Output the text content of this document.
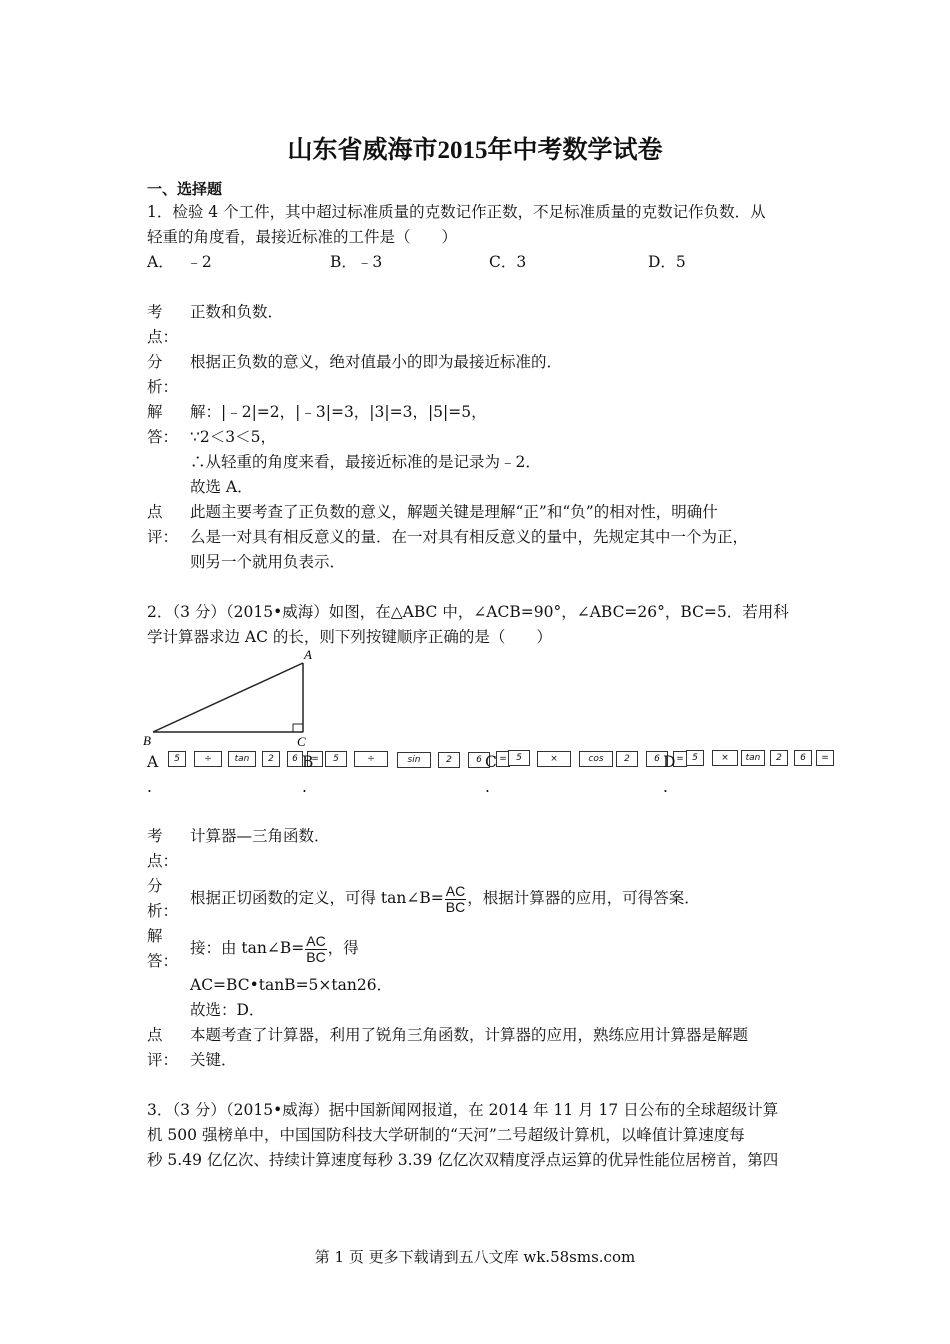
山东省威海市2015年中考数学试卷
一、选择题
1．检验 4 个工件，其中超过标准质量的克数记作正数，不足标准质量的克数记作负数．从
轻重的角度看，最接近标准的工件是（　　）
A．　 ﹣2	B．﹣3	C．3	D．5
考
点：
正数和负数．
分
析：
根据正负数的意义，绝对值最小的即为最接近标准的．
解
答：
解：|﹣2|=2，|﹣3|=3，|3|=3，|5|=5，
∵2＜3＜5，
∴从轻重的角度来看，最接近标准的是记录为﹣2．
故选 A．
点
评：
此题主要考查了正负数的意义，解题关键是理解“正”和“负”的相对性，明确什
么是一对具有相反意义的量．在一对具有相反意义的量中，先规定其中一个为正，
则另一个就用负表示．
2．（3 分）（2015•威海）如图，在△ABC 中，∠ACB=90°，∠ABC=26°，BC=5．若用科
学计算器求边 AC 的长，则下列按键顺序正确的是（　　）
A
B	C
A
.
5	÷	tan	2	6	=
B
.
5	÷	sin	2	6	=
C
.
5	×	cos	2	6	=
D
.
5	×	tan	2	6	=
考
点：
计算器—三角函数．
分
析：
根据正切函数的定义，可得 tan∠B= $\frac{AC}{BC}$ ，根据计算器的应用，可得答案．
解
答：
接：由 tan∠B= $\frac{AC}{BC}$ ，得
AC=BC•tanB=5×tan26．
故选：D．
点
评：
本题考查了计算器，利用了锐角三角函数，计算器的应用，熟练应用计算器是解题
关键．
3．（3 分）（2015•威海）据中国新闻网报道，在 2014 年 11 月 17 日公布的全球超级计算
机 500 强榜单中，中国国防科技大学研制的“天河”二号超级计算机，以峰值计算速度每
秒 5.49 亿亿次、持续计算速度每秒 3.39 亿亿次双精度浮点运算的优异性能位居榜首，第四
第 1 页 更多下载请到五八文库 wk.58sms.com
